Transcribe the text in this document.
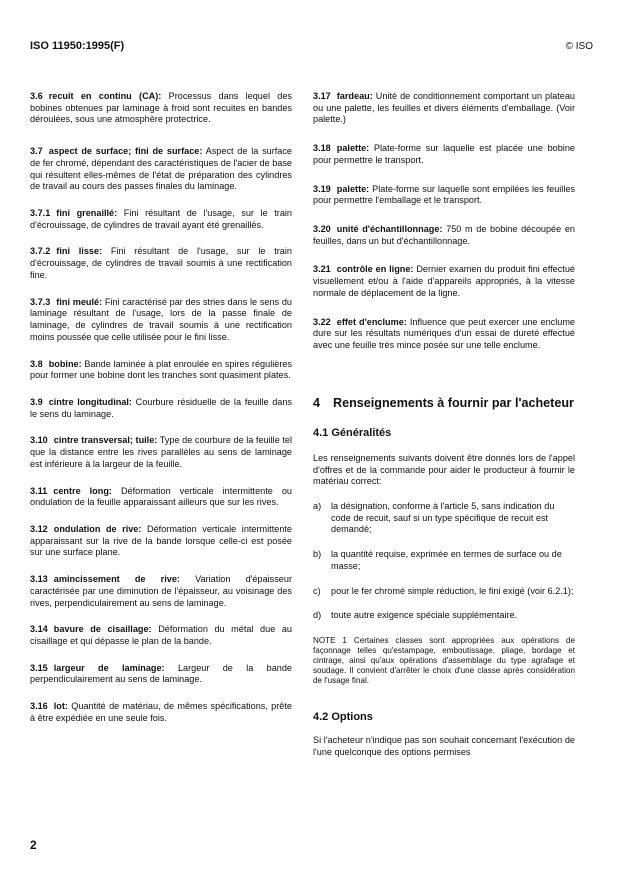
ISO 11950:1995(F)	© ISO

3.6 recuit en continu (CA): Processus dans lequel des bobines obtenues par laminage à froid sont recuites en bandes déroulées, sous une atmosphère protectrice.

3.7 aspect de surface; fini de surface: Aspect de la surface de fer chromé, dépendant des caractéristiques de l'acier de base qui résultent elles-mêmes de l'état de préparation des cylindres de travail au cours des passes finales du laminage.

3.7.1 fini grenaillé: Fini résultant de l'usage, sur le train d'écrouissage, de cylindres de travail ayant été grenaillés.

3.7.2 fini lisse: Fini résultant de l'usage, sur le train d'écrouissage, de cylindres de travail soumis à une rectification fine.

3.7.3 fini meulé: Fini caractérisé par des stries dans le sens du laminage résultant de l'usage, lors de la passe finale de laminage, de cylindres de travail soumis à une rectification moins poussée que celle utilisée pour le fini lisse.

3.8 bobine: Bande laminée à plat enroulée en spires régulières pour former une bobine dont les tranches sont quasiment plates.

3.9 cintre longitudinal: Courbure résiduelle de la feuille dans le sens du laminage.

3.10 cintre transversal; tuile: Type de courbure de la feuille tel que la distance entre les rives parallèles au sens de laminage est inférieure à la largeur de la feuille.

3.11 centre long: Déformation verticale intermittente ou ondulation de la feuille apparaissant ailleurs que sur les rives.

3.12 ondulation de rive: Déformation verticale intermittente apparaissant sur la rive de la bande lorsque celle-ci est posée sur une surface plane.

3.13 amincissement de rive: Variation d'épaisseur caractérisée par une diminution de l'épaisseur, au voisinage des rives, perpendiculairement au sens de laminage.

3.14 bavure de cisaillage: Déformation du métal due au cisaillage et qui dépasse le plan de la bande.

3.15 largeur de laminage: Largeur de la bande perpendiculairement au sens de laminage.

3.16 lot: Quantité de matériau, de mêmes spécifications, prête à être expédiée en une seule fois.

3.17 fardeau: Unité de conditionnement comportant un plateau ou une palette, les feuilles et divers éléments d'emballage. (Voir palette.)

3.18 palette: Plate-forme sur laquelle est placée une bobine pour permettre le transport.

3.19 palette: Plate-forme sur laquelle sont empilées les feuilles pour permettre l'emballage et le transport.

3.20 unité d'échantillonnage: 750 m de bobine découpée en feuilles, dans un but d'échantillonnage.

3.21 contrôle en ligne: Dernier examen du produit fini effectué visuellement et/ou à l'aide d'appareils appropriés, à la vitesse normale de déplacement de la ligne.

3.22 effet d'enclume: Influence que peut exercer une enclume dure sur les résultats numériques d'un essai de dureté effectué avec une feuille très mince posée sur une telle enclume.

4	Renseignements à fournir par l'acheteur
4.1 Généralités

Les renseignements suivants doivent être donnés lors de l'appel d'offres et de la commande pour aider le producteur à fournir le matériau correct:

a)	la désignation, conforme à l'article 5, sans indication du code de recuit, sauf si un type spécifique de recuit est demandé;
b)	la quantité requise, exprimée en termes de surface ou de masse;
c)	pour le fer chromé simple réduction, le fini exigé (voir 6.2.1);
d)	toute autre exigence spéciale supplémentaire.

NOTE 1 Certaines classes sont appropriées aux opérations de façonnage telles qu'estampage, emboutissage, pliage, bordage et cintrage, ainsi qu'aux opérations d'assemblage du type agrafage et soudage. Il convient d'arrêter le choix d'une classe après considération de l'usage final.

4.2 Options

Si l'acheteur n'indique pas son souhait concernant l'exécution de l'une quelconque des options permises

2
